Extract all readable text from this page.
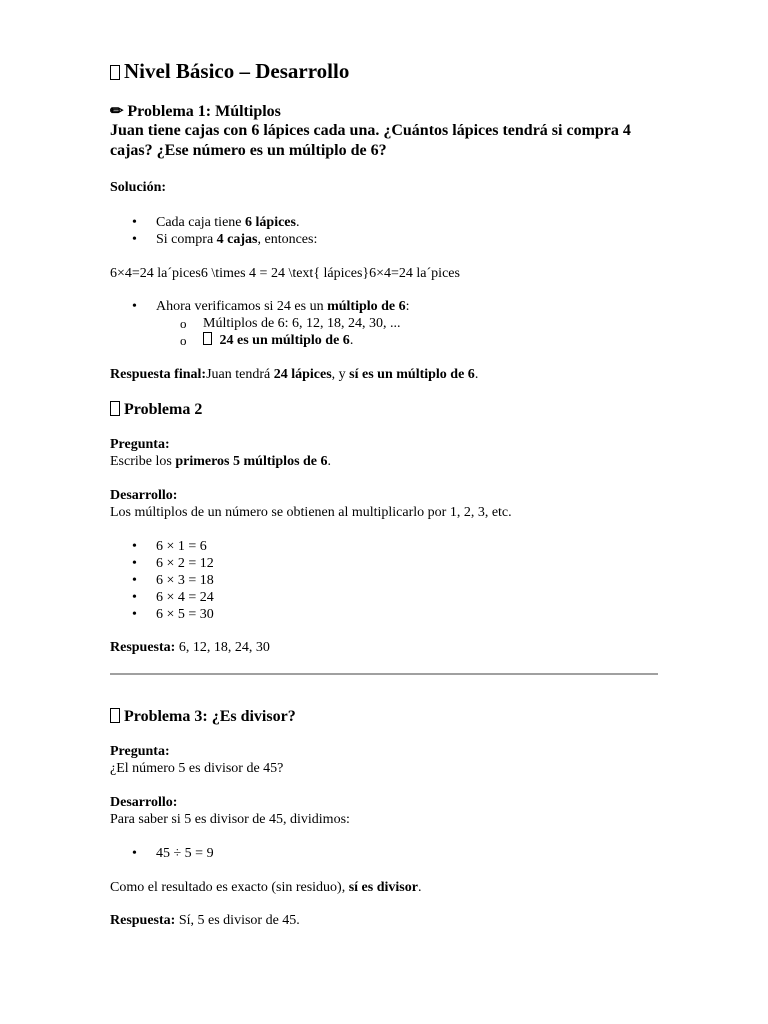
Nivel Básico – Desarrollo
✏ Problema 1: Múltiplos
Juan tiene cajas con 6 lápices cada una. ¿Cuántos lápices tendrá si compra 4 cajas? ¿Ese número es un múltiplo de 6?

Solución:

• Cada caja tiene 6 lápices.
• Si compra 4 cajas, entonces:

6×4=24 la´pices6 \times 4 = 24 \text{ lápices}6×4=24 la´pices

• Ahora verificamos si 24 es un múltiplo de 6:
o Múltiplos de 6: 6, 12, 18, 24, 30, ...
o 24 es un múltiplo de 6.

Respuesta final:Juan tendrá 24 lápices, y sí es un múltiplo de 6.

Problema 2

Pregunta:

Escribe los primeros 5 múltiplos de 6.

Desarrollo:

Los múltiplos de un número se obtienen al multiplicarlo por 1, 2, 3, etc.

• 6 × 1 = 6
• 6 × 2 = 12
• 6 × 3 = 18
• 6 × 4 = 24
• 6 × 5 = 30

Respuesta: 6, 12, 18, 24, 30

Problema 3: ¿Es divisor?

Pregunta:

¿El número 5 es divisor de 45?

Desarrollo:

Para saber si 5 es divisor de 45, dividimos:

• 45 ÷ 5 = 9

Como el resultado es exacto (sin residuo), sí es divisor.

Respuesta: Sí, 5 es divisor de 45.
